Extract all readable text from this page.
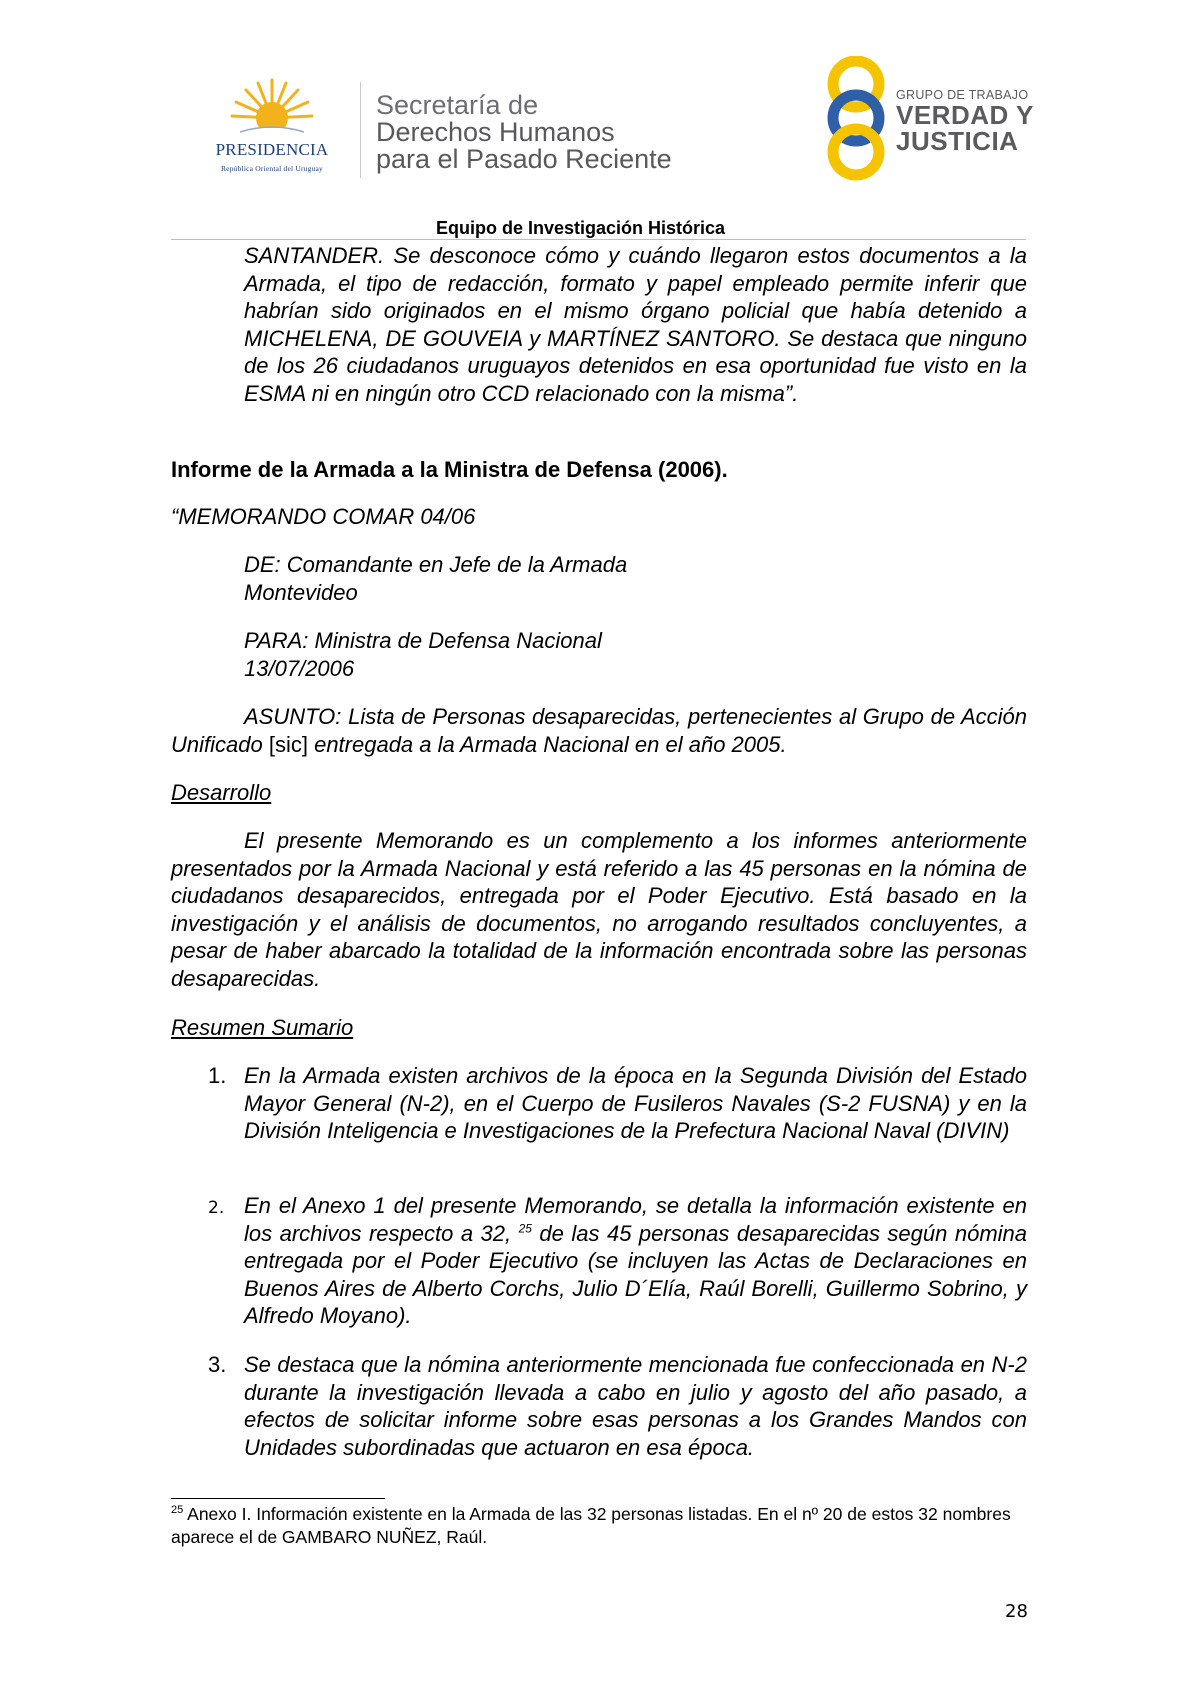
PRESIDENCIA
República Oriental del Uruguay
Secretaría de
Derechos Humanos
para el Pasado Reciente
GRUPO DE TRABAJO
VERDAD Y
JUSTICIA
Equipo de Investigación Histórica
SANTANDER. Se desconoce cómo y cuándo llegaron estos documentos a la Armada, el tipo de redacción, formato y papel empleado permite inferir que habrían sido originados en el mismo órgano policial que había detenido a MICHELENA, DE GOUVEIA y MARTÍNEZ SANTORO. Se destaca que ninguno de los 26 ciudadanos uruguayos detenidos en esa oportunidad fue visto en la ESMA ni en ningún otro CCD relacionado con la misma”.
Informe de la Armada a la Ministra de Defensa (2006).
“MEMORANDO COMAR 04/06
DE: Comandante en Jefe de la Armada
Montevideo
PARA: Ministra de Defensa Nacional
13/07/2006
ASUNTO: Lista de Personas desaparecidas, pertenecientes al Grupo de Acción Unificado [sic] entregada a la Armada Nacional en el año 2005.
Desarrollo
El presente Memorando es un complemento a los informes anteriormente presentados por la Armada Nacional y está referido a las 45 personas en la nómina de ciudadanos desaparecidos, entregada por el Poder Ejecutivo. Está basado en la investigación y el análisis de documentos, no arrogando resultados concluyentes, a pesar de haber abarcado la totalidad de la información encontrada sobre las personas desaparecidas.
Resumen Sumario
1. En la Armada existen archivos de la época en la Segunda División del Estado Mayor General (N-2), en el Cuerpo de Fusileros Navales (S-2 FUSNA) y en la División Inteligencia e Investigaciones de la Prefectura Nacional Naval (DIVIN)
2. En el Anexo 1 del presente Memorando, se detalla la información existente en los archivos respecto a 32, $^{25}$ de las 45 personas desaparecidas según nómina entregada por el Poder Ejecutivo (se incluyen las Actas de Declaraciones en Buenos Aires de Alberto Corchs, Julio D´Elía, Raúl Borelli, Guillermo Sobrino, y Alfredo Moyano).
3. Se destaca que la nómina anteriormente mencionada fue confeccionada en N-2 durante la investigación llevada a cabo en julio y agosto del año pasado, a efectos de solicitar informe sobre esas personas a los Grandes Mandos con Unidades subordinadas que actuaron en esa época.
$^{25}$ Anexo I. Información existente en la Armada de las 32 personas listadas. En el nº 20 de estos 32 nombres aparece el de GAMBARO NUÑEZ, Raúl.
28
